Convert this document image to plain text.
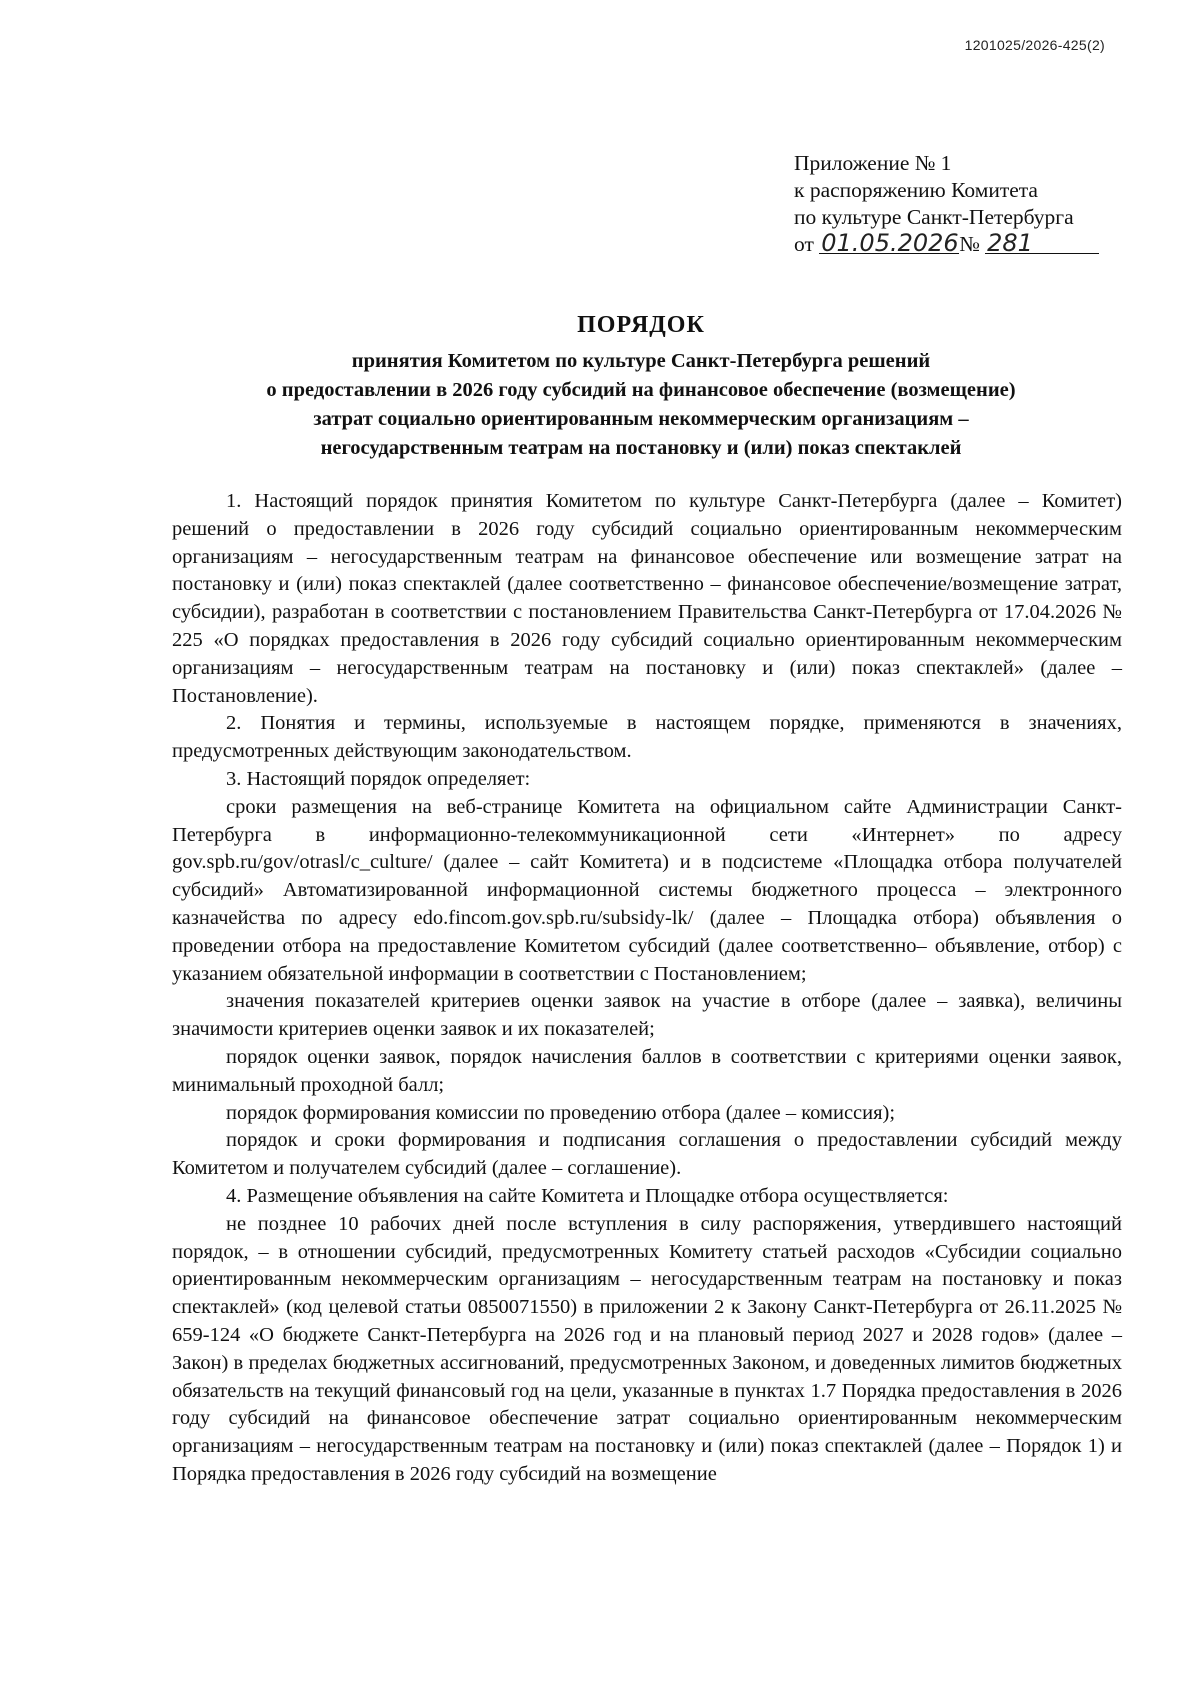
1201025/2026-425(2)
Приложение № 1
к распоряжению Комитета
по культуре Санкт-Петербурга
от 01.05.2026№ 281
ПОРЯДОК
принятия Комитетом по культуре Санкт-Петербурга решений
о предоставлении в 2026 году субсидий на финансовое обеспечение (возмещение)
затрат социально ориентированным некоммерческим организациям –
негосударственным театрам на постановку и (или) показ спектаклей

1. Настоящий порядок принятия Комитетом по культуре Санкт-Петербурга (далее – Комитет) решений о предоставлении в 2026 году субсидий социально ориентированным некоммерческим организациям – негосударственным театрам на финансовое обеспечение или возмещение затрат на постановку и (или) показ спектаклей (далее соответственно – финансовое обеспечение/возмещение затрат, субсидии), разработан в соответствии с постановлением Правительства Санкт-Петербурга от 17.04.2026 № 225 «О порядках предоставления в 2026 году субсидий социально ориентированным некоммерческим организациям – негосударственным театрам на постановку и (или) показ спектаклей» (далее –Постановление).

2. Понятия и термины, используемые в настоящем порядке, применяются в значениях, предусмотренных действующим законодательством.

3. Настоящий порядок определяет:

сроки размещения на веб-странице Комитета на официальном сайте Администрации Санкт-Петербурга в информационно-телекоммуникационной сети «Интернет» по адресу gov.spb.ru/gov/otrasl/c_culture/ (далее – сайт Комитета) и в подсистеме «Площадка отбора получателей субсидий» Автоматизированной информационной системы бюджетного процесса – электронного казначейства по адресу edo.fincom.gov.spb.ru/subsidy-lk/ (далее – Площадка отбора) объявления о проведении отбора на предоставление Комитетом субсидий (далее соответственно– объявление, отбор) с указанием обязательной информации в соответствии с Постановлением;

значения показателей критериев оценки заявок на участие в отборе (далее – заявка), величины значимости критериев оценки заявок и их показателей;

порядок оценки заявок, порядок начисления баллов в соответствии с критериями оценки заявок, минимальный проходной балл;

порядок формирования комиссии по проведению отбора (далее – комиссия);

порядок и сроки формирования и подписания соглашения о предоставлении субсидий между Комитетом и получателем субсидий (далее – соглашение).

4. Размещение объявления на сайте Комитета и Площадке отбора осуществляется:

не позднее 10 рабочих дней после вступления в силу распоряжения, утвердившего настоящий порядок, – в отношении субсидий, предусмотренных Комитету статьей расходов «Субсидии социально ориентированным некоммерческим организациям – негосударственным театрам на постановку и показ спектаклей» (код целевой статьи 0850071550) в приложении 2 к Закону Санкт-Петербурга от 26.11.2025 № 659-124 «О бюджете Санкт-Петербурга на 2026 год и на плановый период 2027 и 2028 годов» (далее – Закон) в пределах бюджетных ассигнований, предусмотренных Законом, и доведенных лимитов бюджетных обязательств на текущий финансовый год на цели, указанные в пунктах 1.7 Порядка предоставления в 2026 году субсидий на финансовое обеспечение затрат социально ориентированным некоммерческим организациям – негосударственным театрам на постановку и (или) показ спектаклей (далее – Порядок 1) и Порядка предоставления в 2026 году субсидий на возмещение
